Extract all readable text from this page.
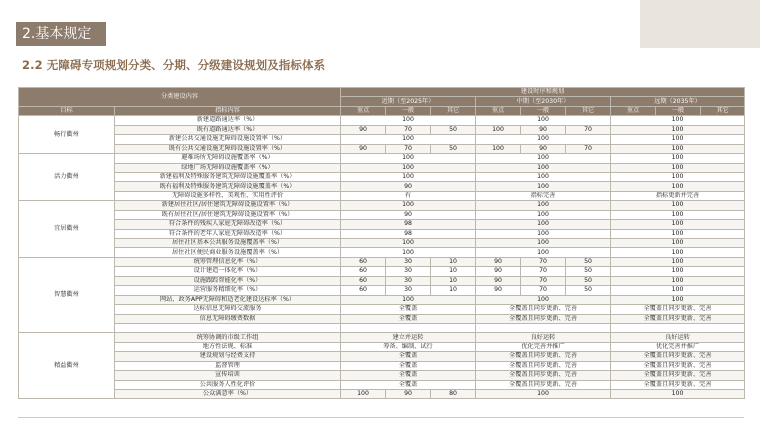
2.基本规定
2.2 无障碍专项规划分类、分期、分级建设规划及指标体系
分类建设内容		建设时序和规划								
		近期（至2025年）			中期（至2030年）			远期（2035年）		
目标	指标内容	重点	一般	其它	重点	一般	其它	重点	一般	其它
畅行衢州	新建道路通达率（%）	100			100			100		
	既有道路通达率（%）	90	70	50	100	90	70	100		
	新建公共交通设施无障碍设施设置率（%）	100			100			100		
	既有公共交通设施无障碍设施设置率（%）	90	70	50	100	90	70	100		
活力衢州	避难场所无障碍设施覆盖率（%）	100			100			100		
	绿地广场无障碍设施覆盖率（%）	100			100			100		
	新建福利及特殊服务建筑无障碍设施覆盖率（%）	100			100			100		
	既有福利及特殊服务建筑无障碍设施覆盖率（%）	90			100			100		
	无障碍设施多样性、美观性、实用性评价	有			指标完善			指标更新并完善		
宜居衢州	新建居住社区/居住建筑无障碍设施设置率（%）	100			100			100		
	既有居住社区/居住建筑无障碍设施设置率（%）	90			100			100		
	符合条件的残疾人家庭无障碍改造率（%）	98			100			100		
	符合条件的老年人家庭无障碍改造率（%）	98			100			100		
	居住社区基本公共服务设施覆盖率（%）	100			100			100		
	居住社区便民商业服务设施覆盖率（%）	100			100			100		
智慧衢州	统筹管理信息化率（%）	60	30	10	90	70	50	100		
	设计建造一体化率（%）	60	30	10	90	70	50	100		
	设施跟踪智能化率（%）	60	30	10	90	70	50	100		
	运营服务精细化率（%）	60	30	10	90	70	50	100		
	网站、政务APP无障碍和适老化建设达标率（%）	100			100			100		
	达标信息无障碍交流服务	全覆盖			全覆盖且同步更新、完善			全覆盖且同步更新、完善		
	信息无障碍缴费数据	全覆盖			全覆盖且同步更新、完善			全覆盖且同步更新、完善		

精益衢州	统筹协调的市级工作组	建立并运转			良好运转			良好运转		
	地方性法规、标准	筹备、编制、试行			优化完善并推广			优化完善并推广		
	建设规划与经费支持	全覆盖			全覆盖且同步更新、完善			全覆盖且同步更新、完善		
	监督管理	全覆盖			全覆盖且同步更新、完善			全覆盖且同步更新、完善		
	宣传培训	全覆盖			全覆盖且同步更新、完善			全覆盖且同步更新、完善		
	公共服务人性化评价	全覆盖			全覆盖且同步更新、完善			全覆盖且同步更新、完善		
	公众满意率（%）	100	90	80	100			100		
